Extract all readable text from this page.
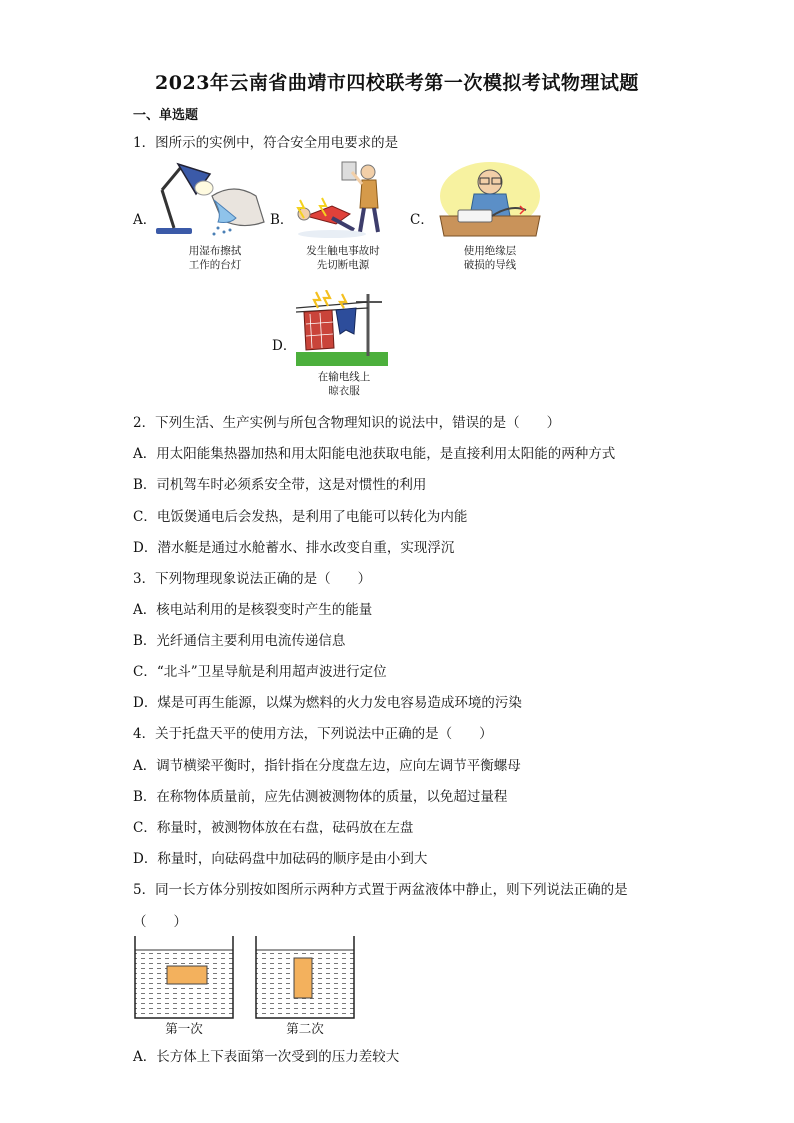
2023年云南省曲靖市四校联考第一次模拟考试物理试题
一、单选题
1．图所示的实例中，符合安全用电要求的是
A．
用湿布擦拭
工作的台灯
B．
发生触电事故时
先切断电源
C．
使用绝缘层
破损的导线
D．
在输电线上
晾衣服
2．下列生活、生产实例与所包含物理知识的说法中，错误的是（　　）
A．用太阳能集热器加热和用太阳能电池获取电能，是直接利用太阳能的两种方式
B．司机驾车时必须系安全带，这是对惯性的利用
C．电饭煲通电后会发热，是利用了电能可以转化为内能
D．潜水艇是通过水舱蓄水、排水改变自重，实现浮沉
3．下列物理现象说法正确的是（　　）
A．核电站利用的是核裂变时产生的能量
B．光纤通信主要利用电流传递信息
C．“北斗”卫星导航是利用超声波进行定位
D．煤是可再生能源，以煤为燃料的火力发电容易造成环境的污染
4．关于托盘天平的使用方法，下列说法中正确的是（　　）
A．调节横梁平衡时，指针指在分度盘左边，应向左调节平衡螺母
B．在称物体质量前，应先估测被测物体的质量，以免超过量程
C．称量时，被测物体放在右盘，砝码放在左盘
D．称量时，向砝码盘中加砝码的顺序是由小到大
5．同一长方体分别按如图所示两种方式置于两盆液体中静止，则下列说法正确的是
（　　）
第一次	第二次
A．长方体上下表面第一次受到的压力差较大
